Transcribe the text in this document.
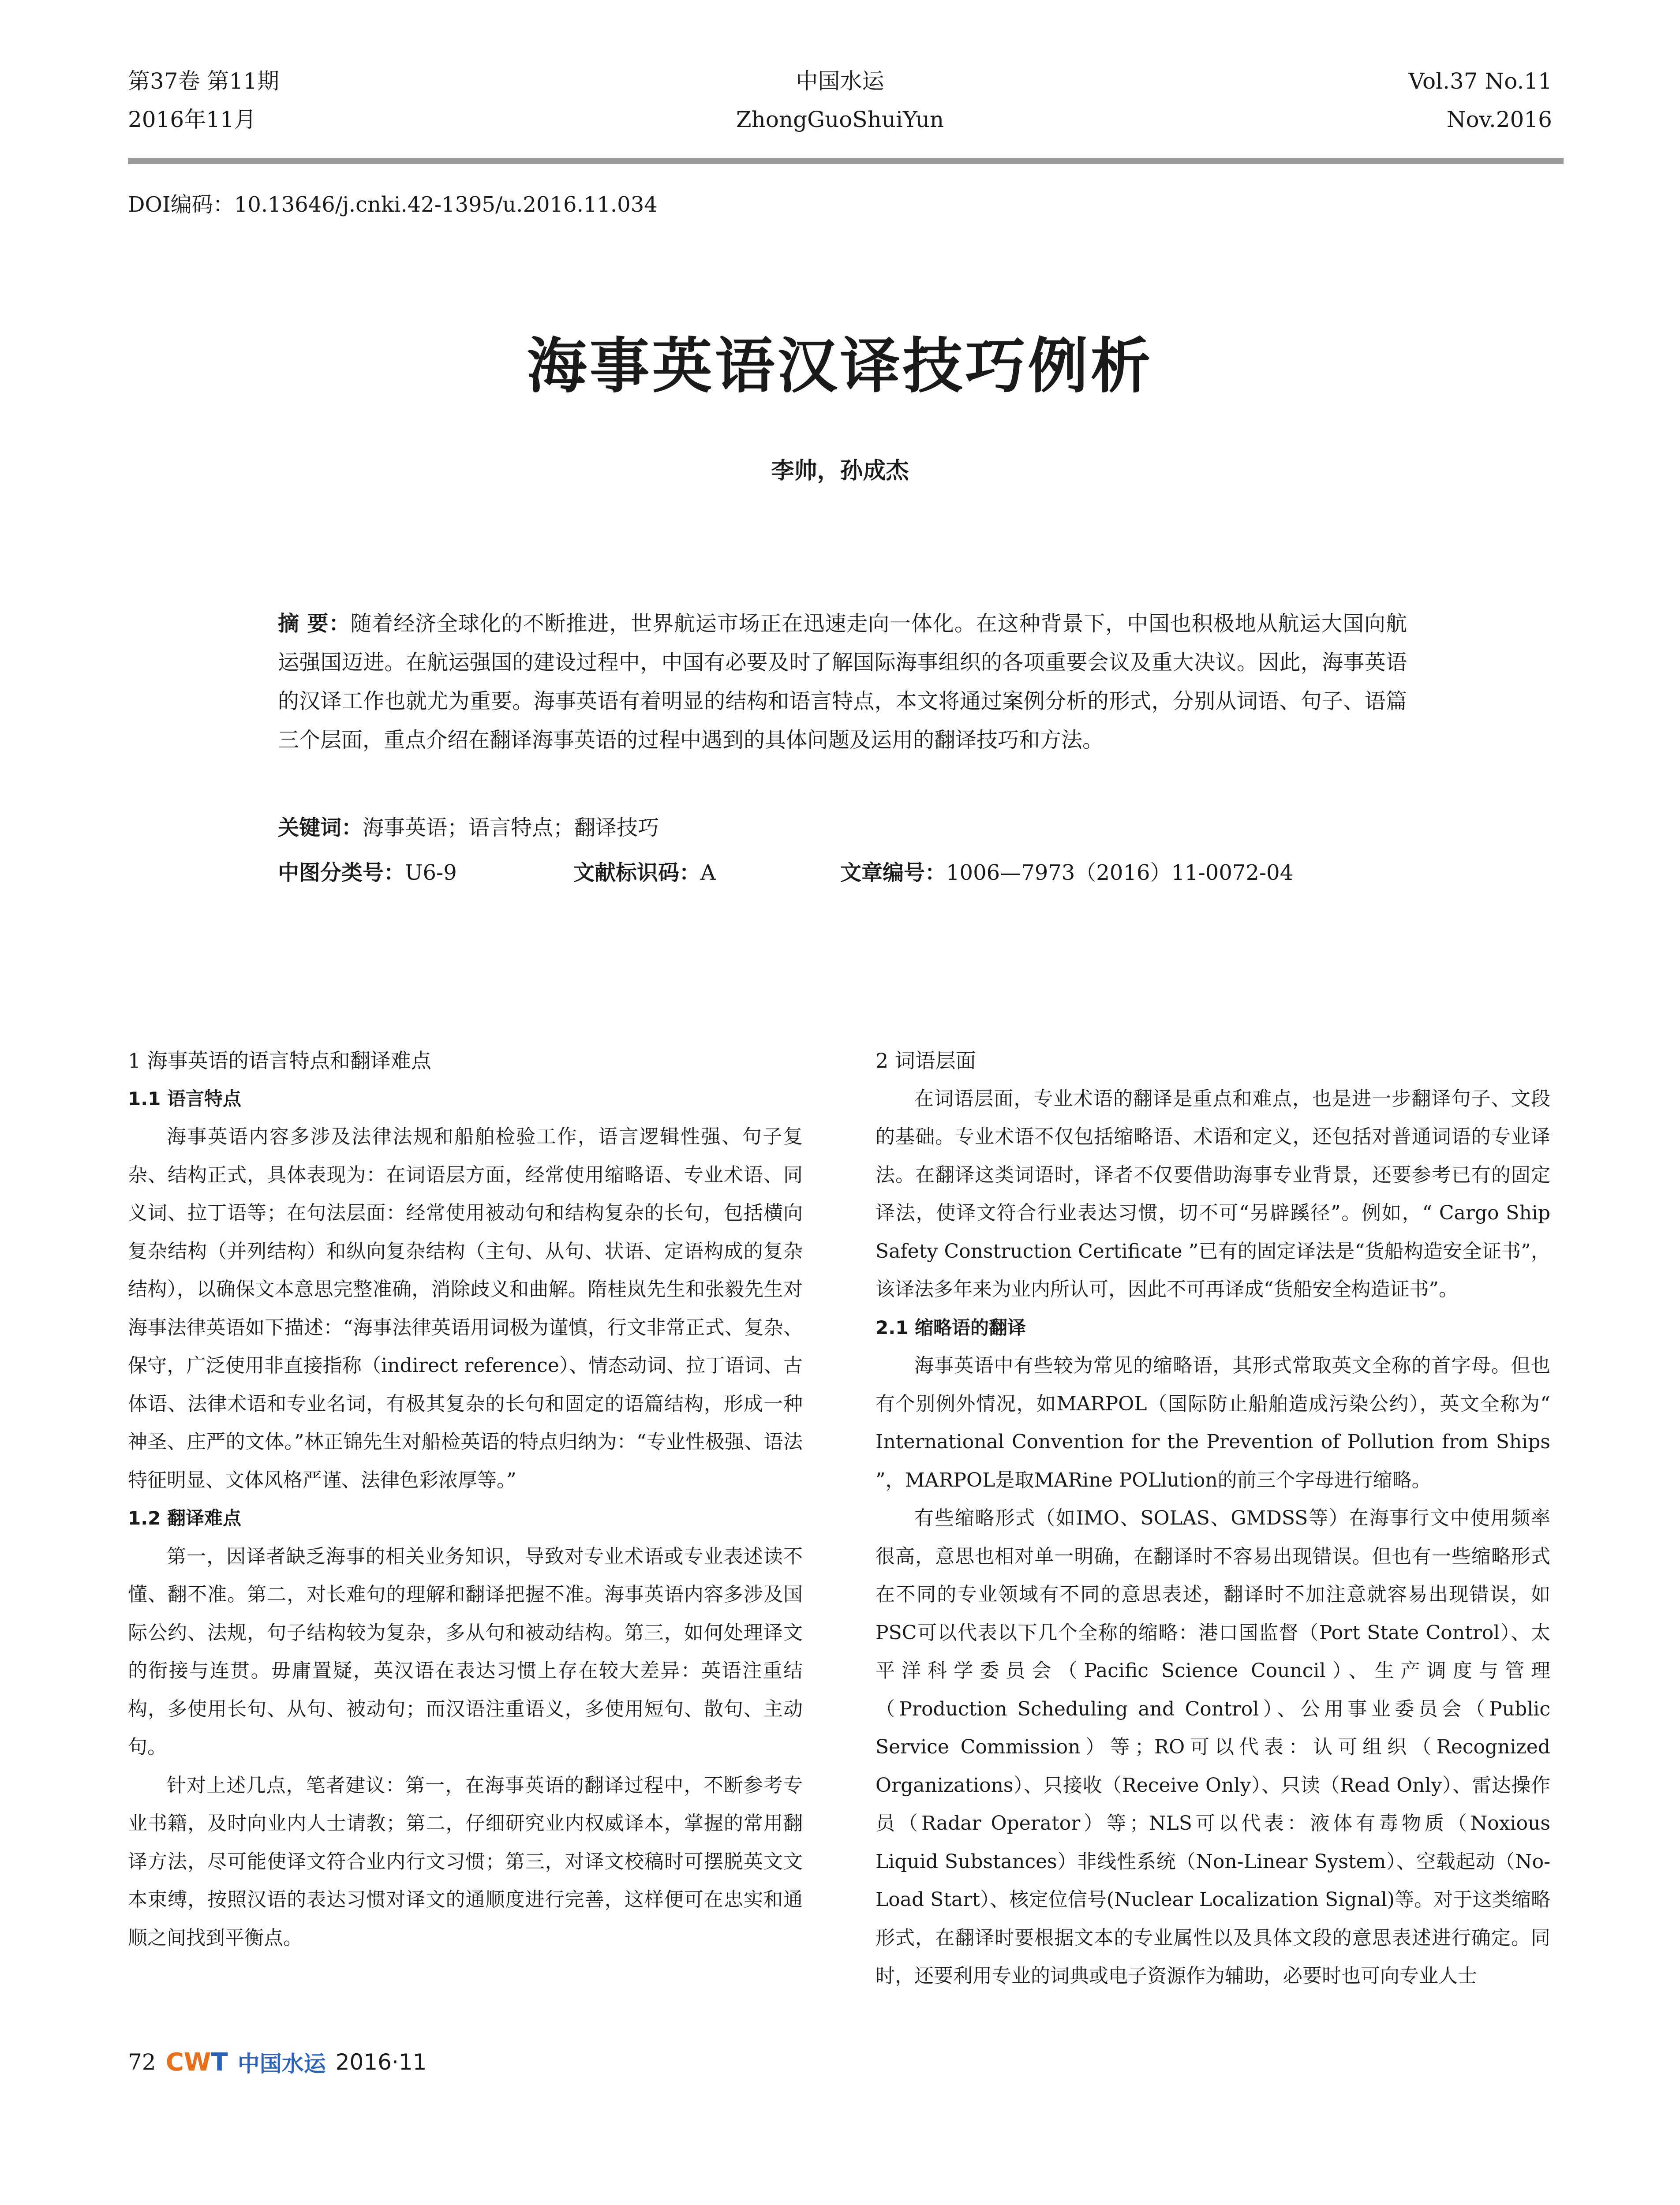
第37卷 第11期
2016年11月
中国水运
ZhongGuoShuiYun
Vol.37 No.11
Nov.2016
DOI编码：10.13646/j.cnki.42-1395/u.2016.11.034
海事英语汉译技巧例析
李帅，孙成杰
摘 要：随着经济全球化的不断推进，世界航运市场正在迅速走向一体化。在这种背景下，中国也积极地从航运大国向航运强国迈进。在航运强国的建设过程中，中国有必要及时了解国际海事组织的各项重要会议及重大决议。因此，海事英语的汉译工作也就尤为重要。海事英语有着明显的结构和语言特点，本文将通过案例分析的形式，分别从词语、句子、语篇三个层面，重点介绍在翻译海事英语的过程中遇到的具体问题及运用的翻译技巧和方法。
关键词：海事英语；语言特点；翻译技巧
中图分类号：U6-9	文献标识码：A	文章编号：1006—7973（2016）11-0072-04
1 海事英语的语言特点和翻译难点
1.1 语言特点

海事英语内容多涉及法律法规和船舶检验工作，语言逻辑性强、句子复杂、结构正式，具体表现为：在词语层方面，经常使用缩略语、专业术语、同义词、拉丁语等；在句法层面：经常使用被动句和结构复杂的长句，包括横向复杂结构（并列结构）和纵向复杂结构（主句、从句、状语、定语构成的复杂结构），以确保文本意思完整准确，消除歧义和曲解。隋桂岚先生和张毅先生对海事法律英语如下描述：“海事法律英语用词极为谨慎，行文非常正式、复杂、保守，广泛使用非直接指称（indirect reference）、情态动词、拉丁语词、古体语、法律术语和专业名词，有极其复杂的长句和固定的语篇结构，形成一种神圣、庄严的文体。”林正锦先生对船检英语的特点归纳为：“专业性极强、语法特征明显、文体风格严谨、法律色彩浓厚等。”

1.2 翻译难点

第一，因译者缺乏海事的相关业务知识，导致对专业术语或专业表述读不懂、翻不准。第二，对长难句的理解和翻译把握不准。海事英语内容多涉及国际公约、法规，句子结构较为复杂，多从句和被动结构。第三，如何处理译文的衔接与连贯。毋庸置疑，英汉语在表达习惯上存在较大差异：英语注重结构，多使用长句、从句、被动句；而汉语注重语义，多使用短句、散句、主动句。

针对上述几点，笔者建议：第一，在海事英语的翻译过程中，不断参考专业书籍，及时向业内人士请教；第二，仔细研究业内权威译本，掌握的常用翻译方法，尽可能使译文符合业内行文习惯；第三，对译文校稿时可摆脱英文文本束缚，按照汉语的表达习惯对译文的通顺度进行完善，这样便可在忠实和通顺之间找到平衡点。

2 词语层面

在词语层面，专业术语的翻译是重点和难点，也是进一步翻译句子、文段的基础。专业术语不仅包括缩略语、术语和定义，还包括对普通词语的专业译法。在翻译这类词语时，译者不仅要借助海事专业背景，还要参考已有的固定译法，使译文符合行业表达习惯，切不可“另辟蹊径”。例如，“ Cargo Ship Safety Construction Certificate ”已有的固定译法是“货船构造安全证书”，该译法多年来为业内所认可，因此不可再译成“货船安全构造证书”。

2.1 缩略语的翻译

海事英语中有些较为常见的缩略语，其形式常取英文全称的首字母。但也有个别例外情况，如MARPOL（国际防止船舶造成污染公约），英文全称为“ International Convention for the Prevention of Pollution from Ships ”，MARPOL是取MARine POLlution的前三个字母进行缩略。

有些缩略形式（如IMO、SOLAS、GMDSS等）在海事行文中使用频率很高，意思也相对单一明确，在翻译时不容易出现错误。但也有一些缩略形式在不同的专业领域有不同的意思表述，翻译时不加注意就容易出现错误，如PSC可以代表以下几个全称的缩略：港口国监督（Port State Control）、太平洋科学委员会（Pacific Science Council）、生产调度与管理（Production Scheduling and Control）、公用事业委员会（Public Service Commission）等；RO可以代表：认可组织（Recognized Organizations）、只接收（Receive Only）、只读（Read Only）、雷达操作员（Radar Operator）等；NLS可以代表：液体有毒物质（Noxious Liquid Substances）非线性系统（Non-Linear System）、空载起动（No-Load Start）、核定位信号(Nuclear Localization Signal)等。对于这类缩略形式，在翻译时要根据文本的专业属性以及具体文段的意思表述进行确定。同时，还要利用专业的词典或电子资源作为辅助，必要时也可向专业人士

72 CWT 中国水运 2016·11
